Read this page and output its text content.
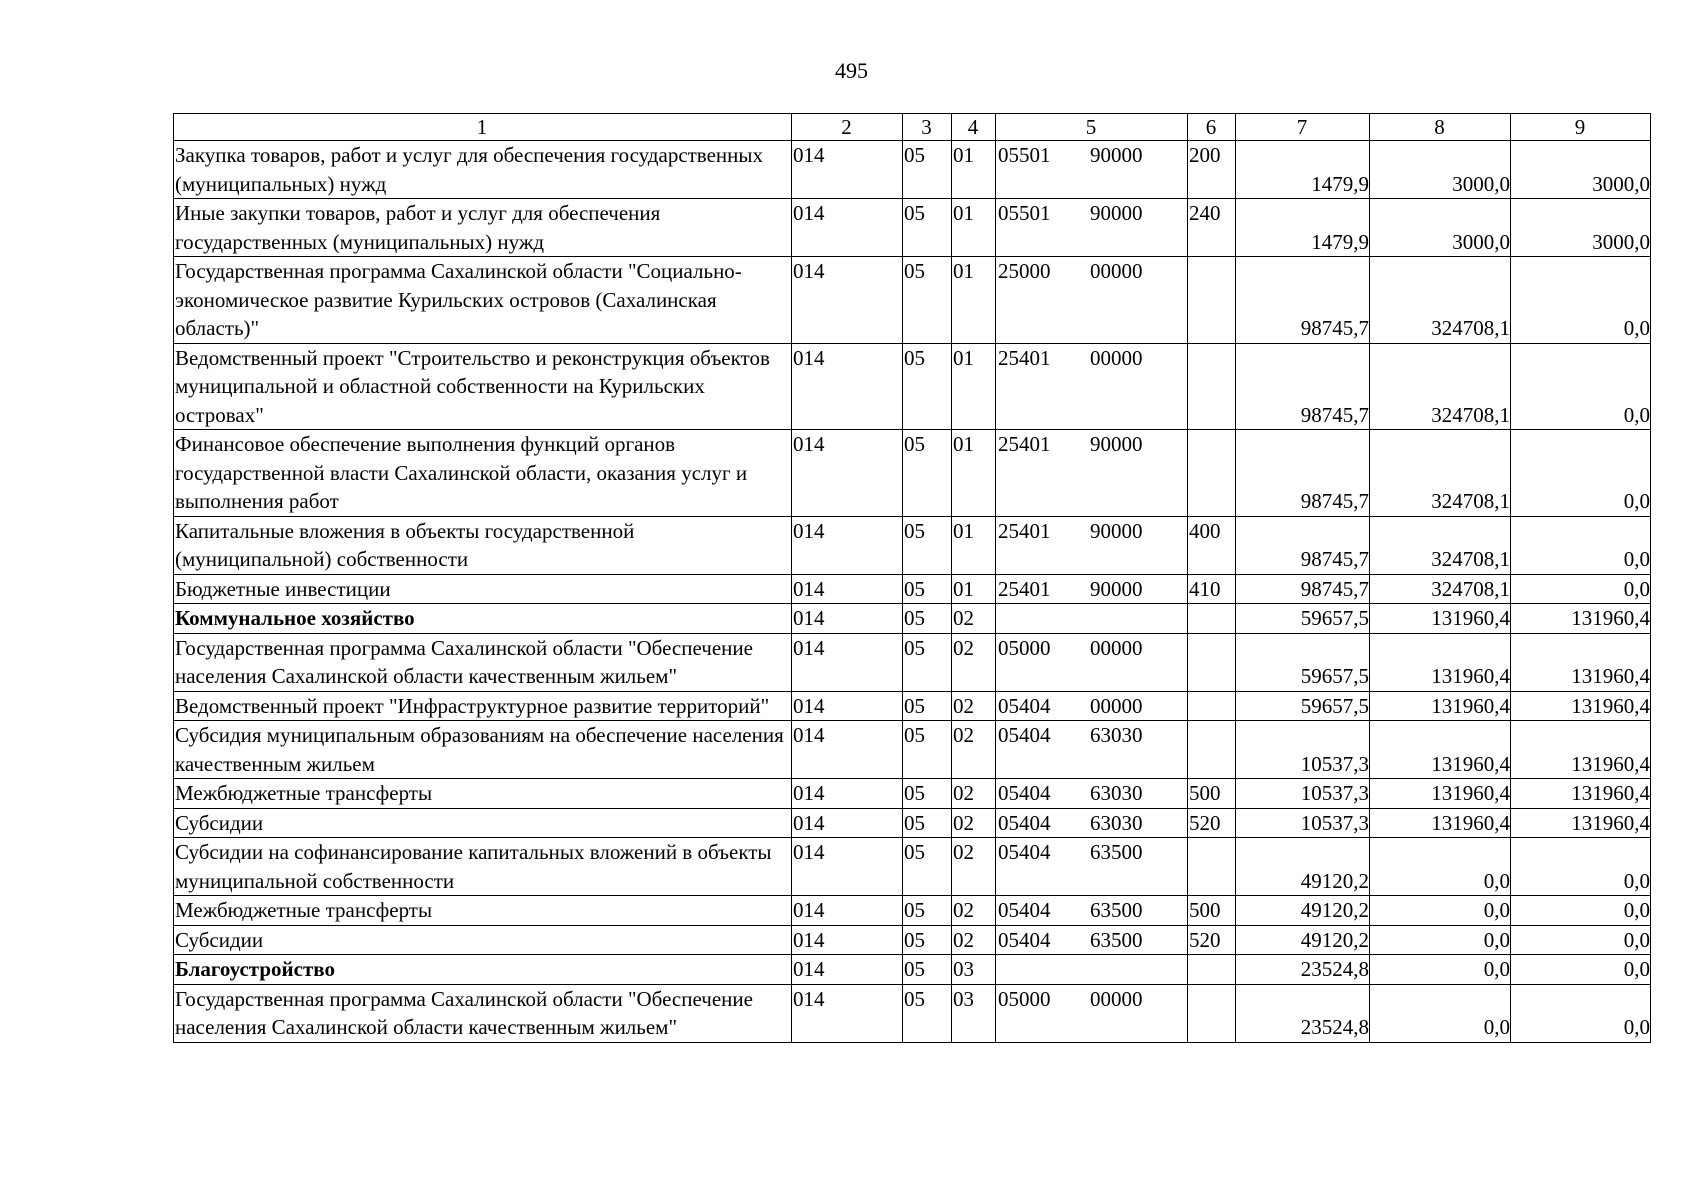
495
1	2	3	4	5	6	7	8	9
Закупка товаров, работ и услуг для обеспечения государственных (муниципальных) нужд	014	05	01	05501 90000	200	1479,9	3000,0	3000,0
Иные закупки товаров, работ и услуг для обеспечения государственных (муниципальных) нужд	014	05	01	05501 90000	240	1479,9	3000,0	3000,0
Государственная программа Сахалинской области "Социально-экономическое развитие Курильских островов (Сахалинская область)"	014	05	01	25000 00000		98745,7	324708,1	0,0
Ведомственный проект "Строительство и реконструкция объектов муниципальной и областной собственности на Курильских островах"	014	05	01	25401 00000		98745,7	324708,1	0,0
Финансовое обеспечение выполнения функций органов государственной власти Сахалинской области, оказания услуг и выполнения работ	014	05	01	25401 90000		98745,7	324708,1	0,0
Капитальные вложения в объекты государственной (муниципальной) собственности	014	05	01	25401 90000	400	98745,7	324708,1	0,0
Бюджетные инвестиции	014	05	01	25401 90000	410	98745,7	324708,1	0,0
Коммунальное хозяйство	014	05	02			59657,5	131960,4	131960,4
Государственная программа Сахалинской области "Обеспечение населения Сахалинской области качественным жильем"	014	05	02	05000 00000		59657,5	131960,4	131960,4
Ведомственный проект "Инфраструктурное развитие территорий"	014	05	02	05404 00000		59657,5	131960,4	131960,4
Субсидия муниципальным образованиям на обеспечение населения качественным жильем	014	05	02	05404 63030		10537,3	131960,4	131960,4
Межбюджетные трансферты	014	05	02	05404 63030	500	10537,3	131960,4	131960,4
Субсидии	014	05	02	05404 63030	520	10537,3	131960,4	131960,4
Субсидии на софинансирование капитальных вложений в объекты муниципальной собственности	014	05	02	05404 63500		49120,2	0,0	0,0
Межбюджетные трансферты	014	05	02	05404 63500	500	49120,2	0,0	0,0
Субсидии	014	05	02	05404 63500	520	49120,2	0,0	0,0
Благоустройство	014	05	03			23524,8	0,0	0,0
Государственная программа Сахалинской области "Обеспечение населения Сахалинской области качественным жильем"	014	05	03	05000 00000		23524,8	0,0	0,0
